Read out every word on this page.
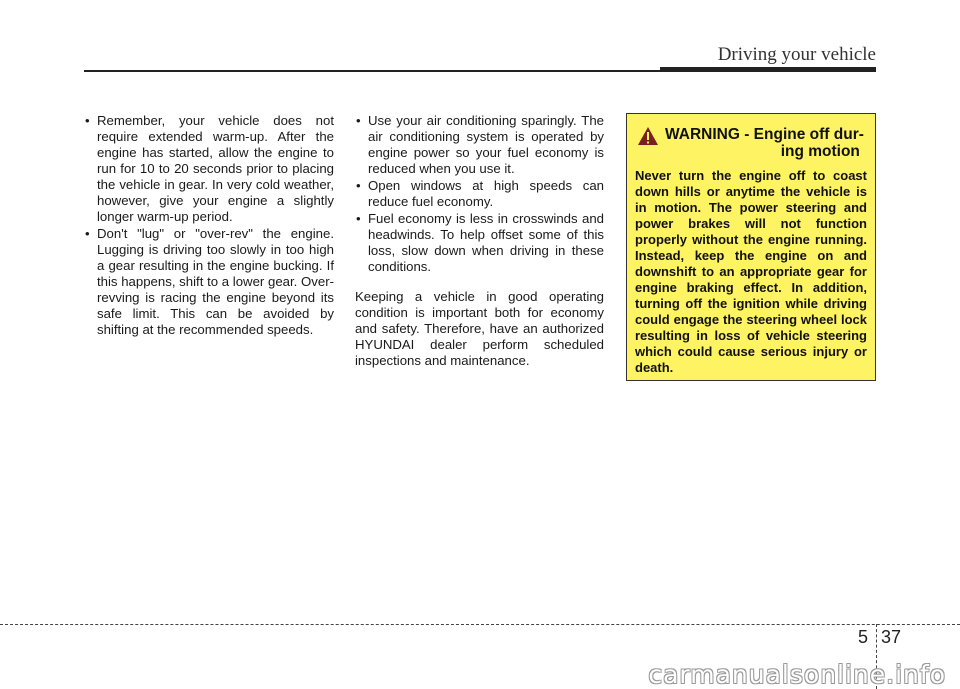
Driving your vehicle
• Remember, your vehicle does not require extended warm-up. After the engine has started, allow the engine to run for 10 to 20 seconds prior to placing the vehicle in gear. In very cold weather, however, give your engine a slightly longer warm-up period.
• Don't "lug" or "over-rev" the engine. Lugging is driving too slowly in too high a gear resulting in the engine bucking. If this happens, shift to a lower gear. Over-revving is racing the engine beyond its safe limit. This can be avoided by shifting at the recommended speeds.
• Use your air conditioning sparingly. The air conditioning system is operated by engine power so your fuel economy is reduced when you use it.
• Open windows at high speeds can reduce fuel economy.
• Fuel economy is less in crosswinds and headwinds. To help offset some of this loss, slow down when driving in these conditions.

Keeping a vehicle in good operating condition is important both for economy and safety. Therefore, have an authorized HYUNDAI dealer perform scheduled inspections and maintenance.

WARNING - Engine off dur-
ing motion
Never turn the engine off to coast down hills or anytime the vehicle is in motion. The power steering and power brakes will not function properly without the engine running. Instead, keep the engine on and downshift to an appropriate gear for engine braking effect. In addition, turning off the ignition while driving could engage the steering wheel lock resulting in loss of vehicle steering which could cause serious injury or death.
5 37
carmanualsonline.info
